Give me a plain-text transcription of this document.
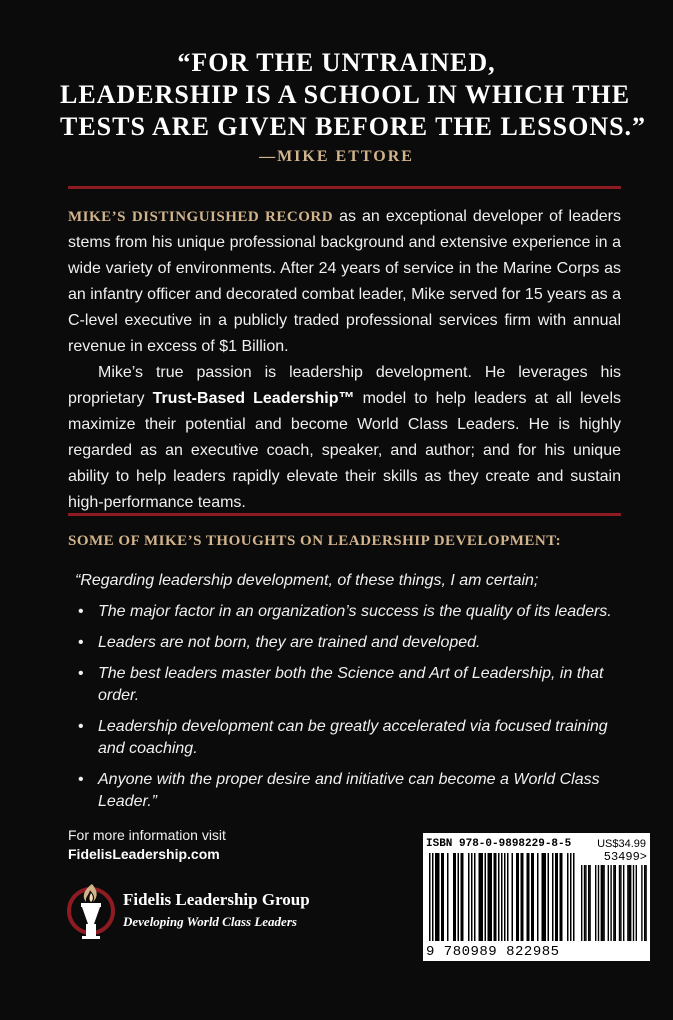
“FOR THE UNTRAINED,
LEADERSHIP IS A SCHOOL IN WHICH THE
TESTS ARE GIVEN BEFORE THE LESSONS.”
—MIKE ETTORE

MIKE’S DISTINGUISHED RECORD as an exceptional developer of leaders stems from his unique professional background and extensive experience in a wide variety of environments. After 24 years of service in the Marine Corps as an infantry officer and decorated combat leader, Mike served for 15 years as a C-level executive in a publicly traded professional services firm with annual revenue in excess of $1 Billion.

Mike’s true passion is leadership development. He leverages his proprietary Trust-Based Leadership™ model to help leaders at all levels maximize their potential and become World Class Leaders. He is highly regarded as an executive coach, speaker, and author; and for his unique ability to help leaders rapidly elevate their skills as they create and sustain high-performance teams.

SOME OF MIKE’S THOUGHTS ON LEADERSHIP DEVELOPMENT:
“Regarding leadership development, of these things, I am certain;
• The major factor in an organization’s success is the quality of its leaders.
• Leaders are not born, they are trained and developed.
• The best leaders master both the Science and Art of Leadership, in that order.
• Leadership development can be greatly accelerated via focused training and coaching.
• Anyone with the proper desire and initiative can become a World Class Leader.”
For more information visit
FidelisLeadership.com
Fidelis Leadership Group
Developing World Class Leaders
ISBN 978-0-9898229-8-5 US$34.99
53499>
9 780989 822985
